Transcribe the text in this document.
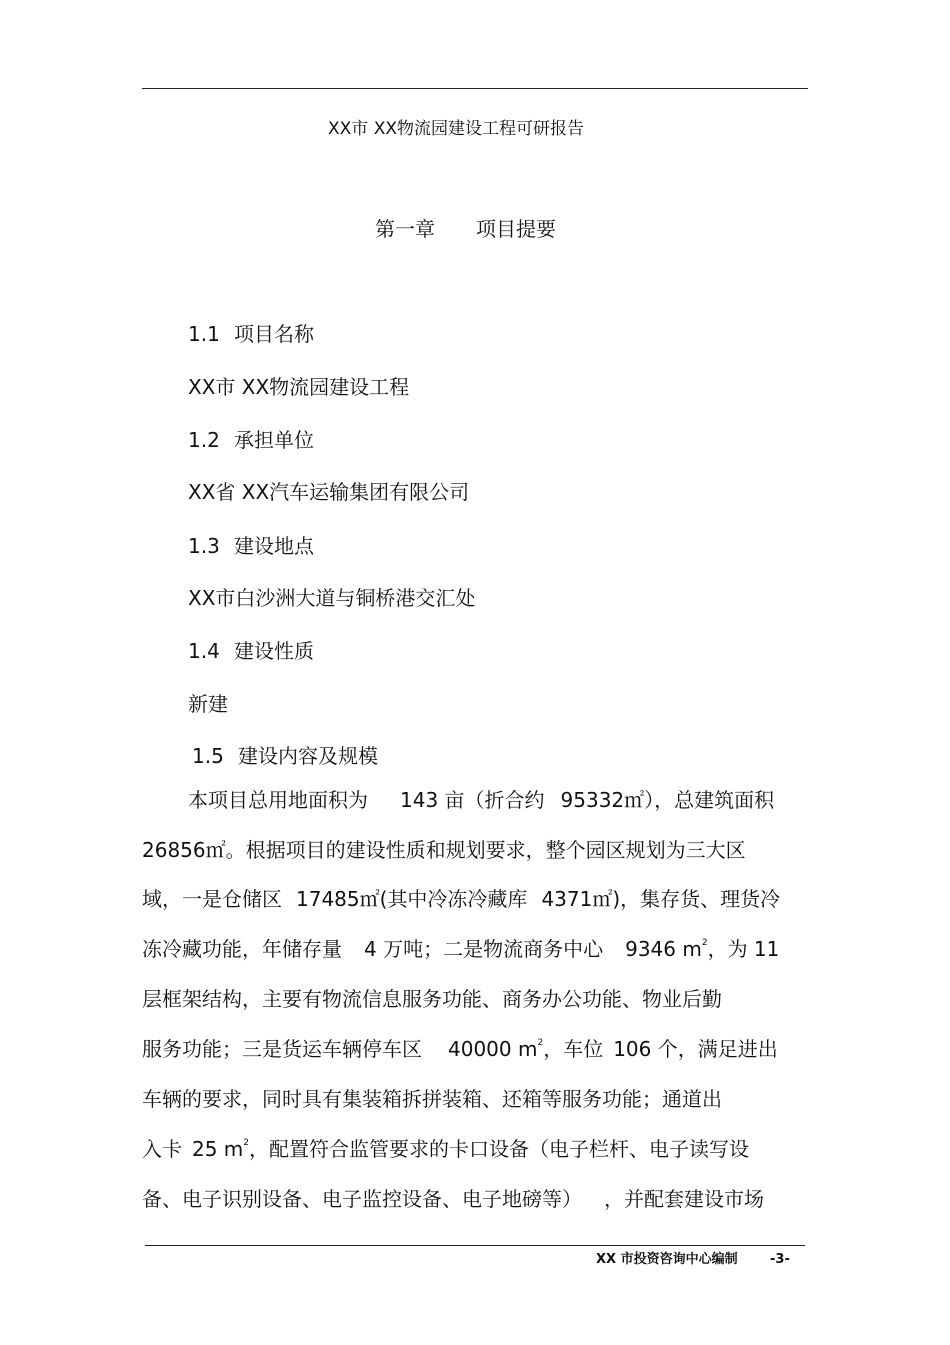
XX市 XX物流园建设工程可研报告
第一章 项目提要
1.1 项目名称
XX市 XX物流园建设工程
1.2 承担单位
XX省 XX汽车运输集团有限公司
1.3 建设地点
XX市白沙洲大道与铜桥港交汇处
1.4 建设性质
新建
1.5 建设内容及规模
本项目总用地面积为 143 亩（折合约 95332㎡），总建筑面积
26856㎡。根据项目的建设性质和规划要求，整个园区规划为三大区
域，一是仓储区 17485㎡(其中冷冻冷藏库 4371㎡)，集存货、理货冷
冻冷藏功能，年储存量 4 万吨；二是物流商务中心 9346 $m^2$，为 11
层框架结构，主要有物流信息服务功能、商务办公功能、物业后勤
服务功能；三是货运车辆停车区 40000 $m^2$，车位 106 个，满足进出
车辆的要求，同时具有集装箱拆拼装箱、还箱等服务功能；通道出
入卡 25 $m^2$，配置符合监管要求的卡口设备（电子栏杆、电子读写设
备、电子识别设备、电子监控设备、电子地磅等） ，并配套建设市场
XX 市投资咨询中心编制 -3-
